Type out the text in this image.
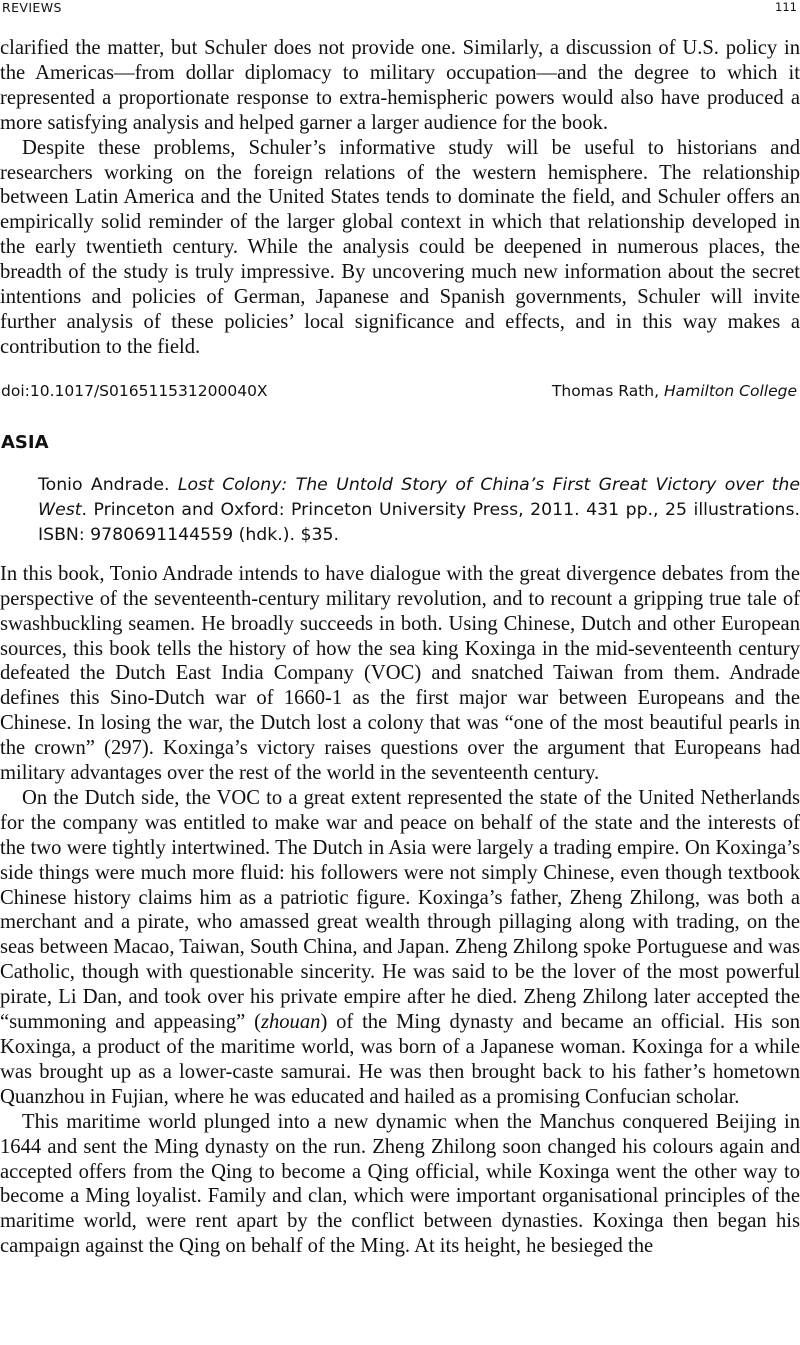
REVIEWS	111

clarified the matter, but Schuler does not provide one. Similarly, a discussion of U.S. policy in the Americas—from dollar diplomacy to military occupation—and the degree to which it represented a proportionate response to extra-hemispheric powers would also have produced a more satisfying analysis and helped garner a larger audience for the book.

Despite these problems, Schuler’s informative study will be useful to historians and researchers working on the foreign relations of the western hemisphere. The relationship between Latin America and the United States tends to dominate the field, and Schuler offers an empirically solid reminder of the larger global context in which that relationship developed in the early twentieth century. While the analysis could be deepened in numerous places, the breadth of the study is truly impressive. By uncovering much new information about the secret intentions and policies of German, Japanese and Spanish governments, Schuler will invite further analysis of these policies’ local significance and effects, and in this way makes a contribution to the field.

doi:10.1017/S016511531200040X	Thomas Rath, Hamilton College
ASIA
Tonio Andrade. Lost Colony: The Untold Story of China’s First Great Victory over the West. Princeton and Oxford: Princeton University Press, 2011. 431 pp., 25 illustrations. ISBN: 9780691144559 (hdk.). $35.

In this book, Tonio Andrade intends to have dialogue with the great divergence debates from the perspective of the seventeenth-century military revolution, and to recount a gripping true tale of swashbuckling seamen. He broadly succeeds in both. Using Chinese, Dutch and other European sources, this book tells the history of how the sea king Koxinga in the mid-seventeenth century defeated the Dutch East India Company (VOC) and snatched Taiwan from them. Andrade defines this Sino-Dutch war of 1660-1 as the first major war between Europeans and the Chinese. In losing the war, the Dutch lost a colony that was “one of the most beautiful pearls in the crown” (297). Koxinga’s victory raises questions over the argument that Europeans had military advantages over the rest of the world in the seventeenth century.

On the Dutch side, the VOC to a great extent represented the state of the United Netherlands for the company was entitled to make war and peace on behalf of the state and the interests of the two were tightly intertwined. The Dutch in Asia were largely a trading empire. On Koxinga’s side things were much more fluid: his followers were not simply Chinese, even though textbook Chinese history claims him as a patriotic figure. Koxinga’s father, Zheng Zhilong, was both a merchant and a pirate, who amassed great wealth through pillaging along with trading, on the seas between Macao, Taiwan, South China, and Japan. Zheng Zhilong spoke Portuguese and was Catholic, though with questionable sincerity. He was said to be the lover of the most powerful pirate, Li Dan, and took over his private empire after he died. Zheng Zhilong later accepted the “summoning and appeasing” (zhouan) of the Ming dynasty and became an official. His son Koxinga, a product of the maritime world, was born of a Japanese woman. Koxinga for a while was brought up as a lower-caste samurai. He was then brought back to his father’s hometown Quanzhou in Fujian, where he was educated and hailed as a promising Confucian scholar.

This maritime world plunged into a new dynamic when the Manchus conquered Beijing in 1644 and sent the Ming dynasty on the run. Zheng Zhilong soon changed his colours again and accepted offers from the Qing to become a Qing official, while Koxinga went the other way to become a Ming loyalist. Family and clan, which were important organisational principles of the maritime world, were rent apart by the conflict between dynasties. Koxinga then began his campaign against the Qing on behalf of the Ming. At its height, he besieged the
